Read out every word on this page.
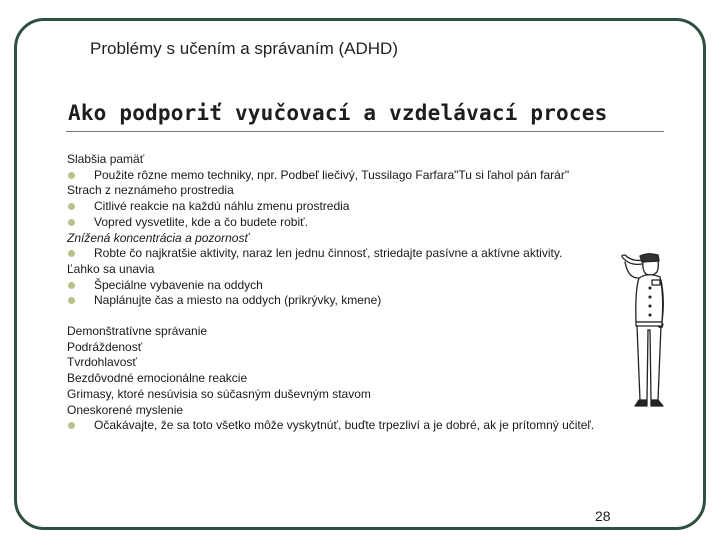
Problémy s učením a správaním (ADHD)
Ako podporiť vyučovací a vzdelávací proces
Slabšia pamäť
Použite rôzne memo techniky, npr. Podbeľ liečivý, Tussilago Farfara"Tu si ľahol pán farár"
Strach z neznámeho prostredia
Citlivé reakcie na každú náhlu zmenu prostredia
Vopred vysvetlite, kde a čo budete robiť.
Znížená koncentrácia a pozornosť
Robte čo najkratšie aktivity, naraz len jednu činnosť, striedajte pasívne a aktívne aktivity.
Ľahko sa unavia
Špeciálne vybavenie na oddych
Naplánujte čas a miesto na oddych (prikrývky, kmene)
Demonštratívne správanie
Podráždenosť
Tvrdohlavosť
Bezdôvodné emocionálne reakcie
Grimasy, ktoré nesúvisia so súčasným duševným stavom
Oneskorené myslenie
Očakávajte, že sa toto všetko môže vyskytnúť, buďte trpezliví a je dobré, ak je prítomný učiteľ.
28
